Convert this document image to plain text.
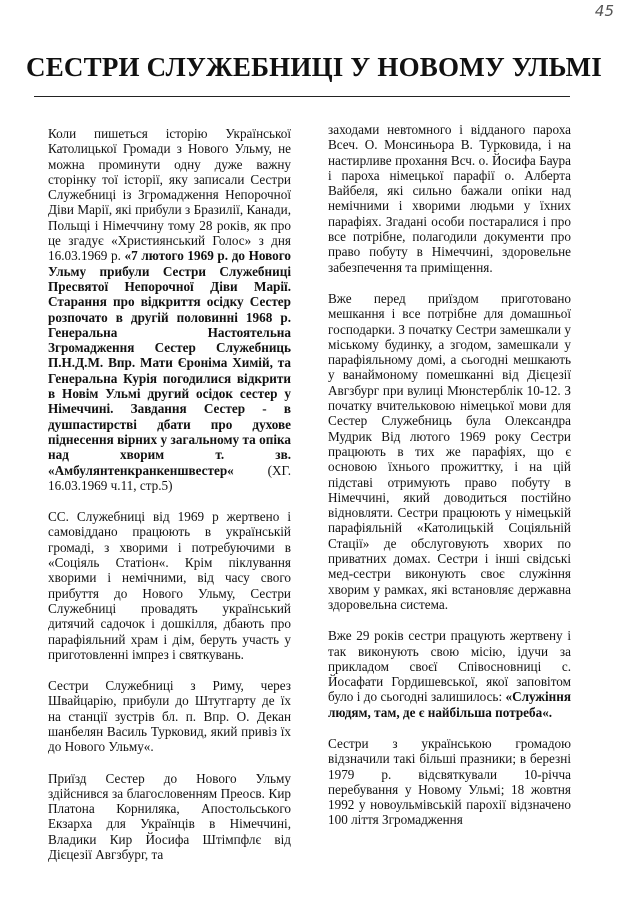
45
СЕСТРИ СЛУЖЕБНИЦІ У НОВОМУ УЛЬМІ

Коли пишеться історію Української Католицької Громади з Нового Ульму, не можна проминути одну дуже важну сторінку тої історії, яку записали Сестри Служебниці із Згромадження Непорочної Діви Марії, які прибули з Бразилії, Канади, Польщі і Німеччину тому 28 років, як про це згадує «Християнський Голос» з дня 16.03.1969 р. «7 лютого 1969 р. до Нового Ульму прибули Сестри Служебниці Пресвятої Непорочної Діви Марії. Старання про відкриття осідку Сестер розпочато в другій половинні 1968 р. Генеральна Настоятельна Згромадження Сестер Служебниць П.Н.Д.М. Впр. Мати Єроніма Химій, та Генеральна Курія погодилися відкрити в Новім Ульмі другий осідок сестер у Німеччині. Завдання Сестер - в душпастирстві дбати про духове піднесення вірних у загальному та опіка над хворим т. зв. «Амбулянтенкранкеншвестер« (ХГ. 16.03.1969 ч.11, стр.5)

СС. Служебниці від 1969 р жертвено і самовіддано працюють в українській громаді, з хворими і потребуючими в «Соціяль Статіон«. Крім піклування хворими і немічними, від часу свого прибуття до Нового Ульму, Сестри Служебниці провадять український дитячий садочок і дошкілля, дбають про парафіяльний храм і дім, беруть участь у приготовленні імпрез і святкувань.

Сестри Служебниці з Риму, через Швайцарію, прибули до Штутгарту де їх на станції зустрів бл. п. Впр. О. Декан шанбелян Василь Турковид, який привіз їх до Нового Ульму«.

Приїзд Сестер до Нового Ульму здійснився за благословенням Преосв. Кир Платона Корниляка, Апостольського Екзарха для Українців в Німеччині, Владики Кир Йосифа Штімпфлє від Дієцезії Авгзбург, та

заходами невтомного і відданого пароха Всеч. О. Монсиньора В. Турковида, і на настирливе прохання Всч. о. Йосифа Баура і пароха німецької парафії о. Алберта Вайбеля, які сильно бажали опіки над немічними і хворими людьми у їхних парафіях. Згадані особи постаралися і про все потрібне, полагодили документи про право побуту в Німеччині, здоровельне забезпечення та приміщення.

Вже перед приїздом приготовано мешкання і все потрібне для домашньої господарки. З початку Сестри замешкали у міському будинку, а згодом, замешкали у парафіяльному домі, а сьогодні мешкають у ванаймоному помешканні від Дієцезії Авгзбург при вулиці Мюнстерблік 10-12. З початку вчительковою німецької мови для Сестер Служебниць була Олександра Мудрик Від лютого 1969 року Сестри працюють в тих же парафіях, що є основою їхнього прожиттку, і на цій підставі отримують право побуту в Німеччині, який доводиться постійно відновляти. Сестри працюють у німецькій парафіяльній «Католицькій Соціяльній Стації» де обслуговують хворих по приватних домах. Сестри і інші свідські мед-сестри виконують своє служіння хворим у рамках, які встановляє державна здоровельна система.

Вже 29 років сестри працують жертвену і так виконують свою місію, ідучи за прикладом своєї Співосновниці с. Йосафати Гордишевської, якої заповітом було і до сьогодні залишилось: «Служіння людям, там, де є найбільша потреба«.

Сестри з українською громадою відзначили такі більші празники; в березні 1979 р. відсвяткували 10-річча перебування у Новому Ульмі; 18 жовтня 1992 у новоульмівській парохії відзначено 100 ліття Згромадження
